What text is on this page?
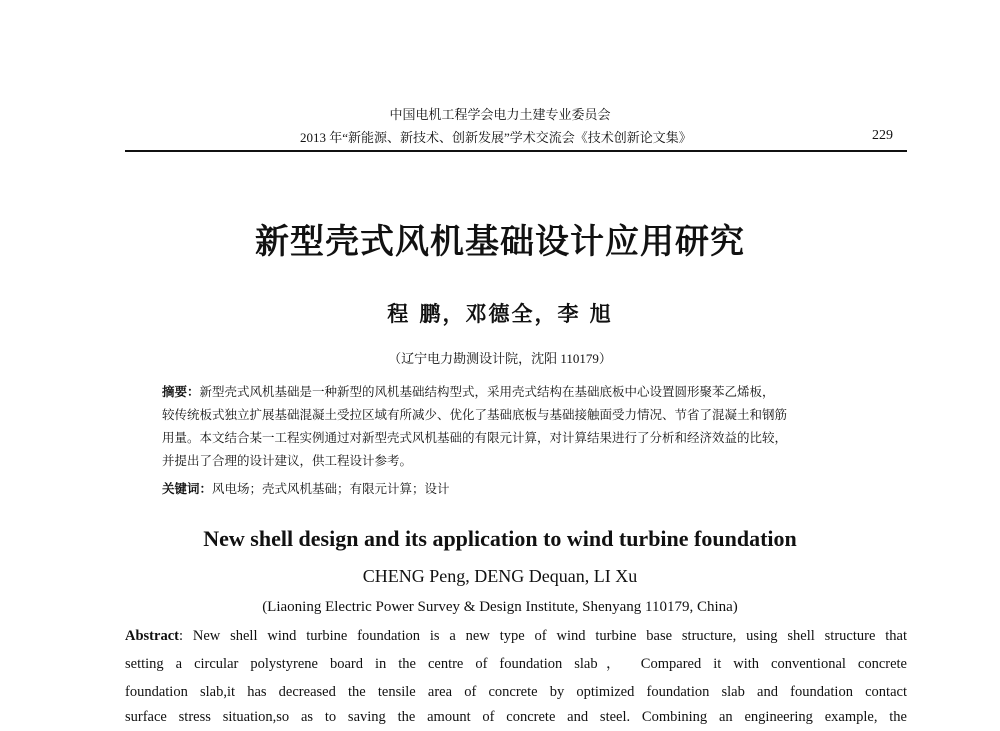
中国电机工程学会电力土建专业委员会
2013 年“新能源、新技术、创新发展”学术交流会《技术创新论文集》	229
新型壳式风机基础设计应用研究
程 鹏，邓德全，李 旭
（辽宁电力勘测设计院，沈阳 110179）
摘要：新型壳式风机基础是一种新型的风机基础结构型式，采用壳式结构在基础底板中心设置圆形聚苯乙烯板，
较传统板式独立扩展基础混凝土受拉区域有所减少、优化了基础底板与基础接触面受力情况、节省了混凝土和钢筋
用量。本文结合某一工程实例通过对新型壳式风机基础的有限元计算，对计算结果进行了分析和经济效益的比较，
并提出了合理的设计建议，供工程设计参考。
关键词：风电场；壳式风机基础；有限元计算；设计
New shell design and its application to wind turbine foundation
CHENG Peng, DENG Dequan, LI Xu
(Liaoning Electric Power Survey & Design Institute, Shenyang 110179, China)
Abstract: New shell wind turbine foundation is a new type of wind turbine base structure, using shell structure that
setting a circular polystyrene board in the centre of foundation slab， Compared it with conventional concrete
foundation slab,it has decreased the tensile area of concrete by optimized foundation slab and foundation contact
surface stress situation,so as to saving the amount of concrete and steel. Combining an engineering example, the
